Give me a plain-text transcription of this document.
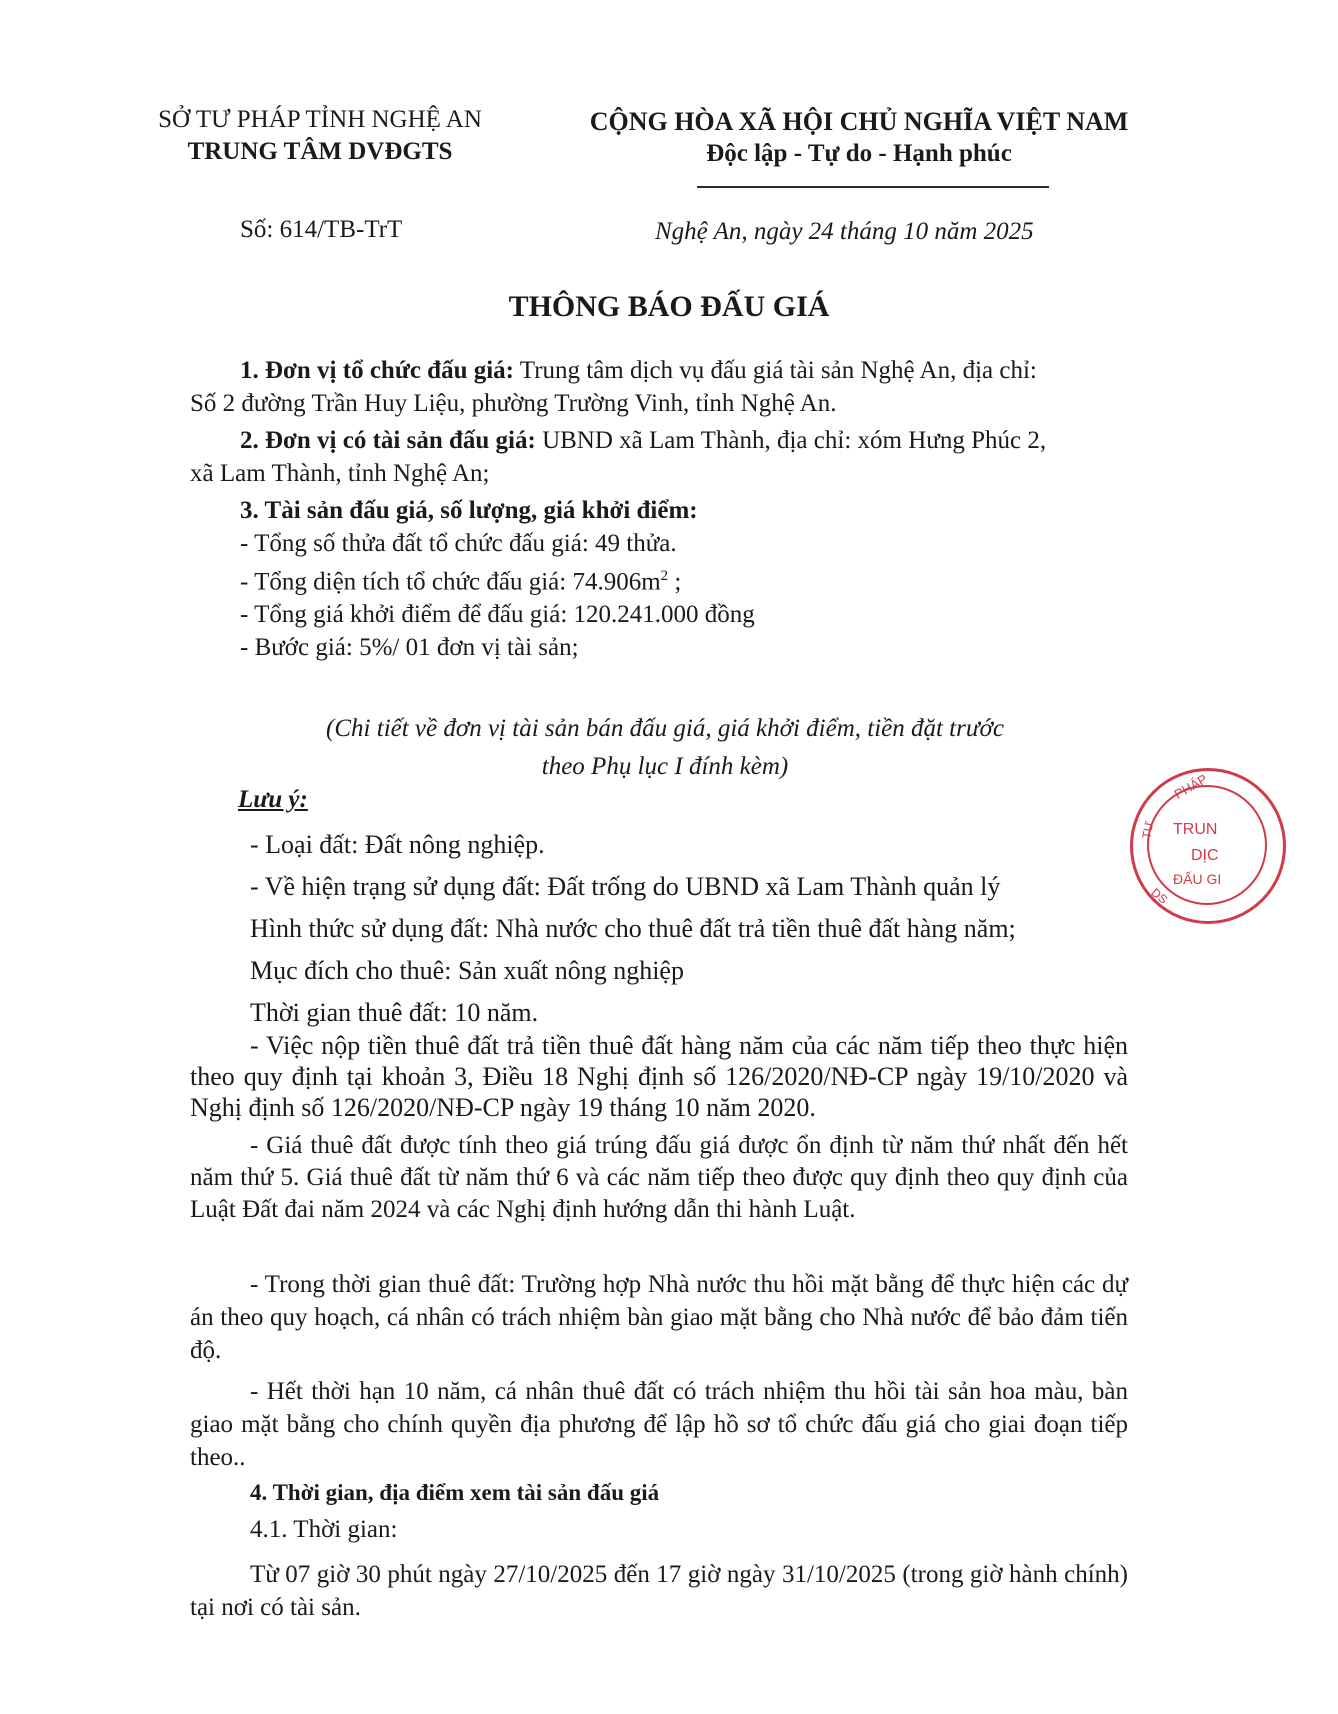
SỞ TƯ PHÁP TỈNH NGHỆ AN
TRUNG TÂM DVĐGTS
CỘNG HÒA XÃ HỘI CHỦ NGHĨA VIỆT NAM
Độc lập - Tự do - Hạnh phúc
Số: 614/TB-TrT	Nghệ An, ngày 24 tháng 10 năm 2025
THÔNG BÁO ĐẤU GIÁ
1. Đơn vị tổ chức đấu giá: Trung tâm dịch vụ đấu giá tài sản Nghệ An, địa chỉ:
Số 2 đường Trần Huy Liệu, phường Trường Vinh, tỉnh Nghệ An.
2. Đơn vị có tài sản đấu giá: UBND xã Lam Thành, địa chỉ: xóm Hưng Phúc 2,
xã Lam Thành, tỉnh Nghệ An;
3. Tài sản đấu giá, số lượng, giá khởi điểm:
- Tổng số thửa đất tổ chức đấu giá: 49 thửa.
- Tổng diện tích tổ chức đấu giá: $74.906m^2$ ;
- Tổng giá khởi điểm để đấu giá: 120.241.000 đồng
- Bước giá: 5%/ 01 đơn vị tài sản;
(Chi tiết về đơn vị tài sản bán đấu giá, giá khởi điểm, tiền đặt trước
theo Phụ lục I đính kèm)
Lưu ý:
- Loại đất: Đất nông nghiệp.
- Về hiện trạng sử dụng đất: Đất trống do UBND xã Lam Thành quản lý
Hình thức sử dụng đất: Nhà nước cho thuê đất trả tiền thuê đất hàng năm;
Mục đích cho thuê: Sản xuất nông nghiệp
Thời gian thuê đất: 10 năm.
- Việc nộp tiền thuê đất trả tiền thuê đất hàng năm của các năm tiếp theo thực hiện theo quy định tại khoản 3, Điều 18 Nghị định số 126/2020/NĐ-CP ngày 19/10/2020 và Nghị định số 126/2020/NĐ-CP ngày 19 tháng 10 năm 2020.
- Giá thuê đất được tính theo giá trúng đấu giá được ổn định từ năm thứ nhất đến hết năm thứ 5. Giá thuê đất từ năm thứ 6 và các năm tiếp theo được quy định theo quy định của Luật Đất đai năm 2024 và các Nghị định hướng dẫn thi hành Luật.
- Trong thời gian thuê đất: Trường hợp Nhà nước thu hồi mặt bằng để thực hiện các dự án theo quy hoạch, cá nhân có trách nhiệm bàn giao mặt bằng cho Nhà nước để bảo đảm tiến độ.
- Hết thời hạn 10 năm, cá nhân thuê đất có trách nhiệm thu hồi tài sản hoa màu, bàn giao mặt bằng cho chính quyền địa phương để lập hồ sơ tổ chức đấu giá cho giai đoạn tiếp theo..
4. Thời gian, địa điểm xem tài sản đấu giá
4.1. Thời gian:
Từ 07 giờ 30 phút ngày 27/10/2025 đến 17 giờ ngày 31/10/2025 (trong giờ hành chính) tại nơi có tài sản.
PHÁP
TRUN
DỊC
ĐẤU GI
TƯ
DS
